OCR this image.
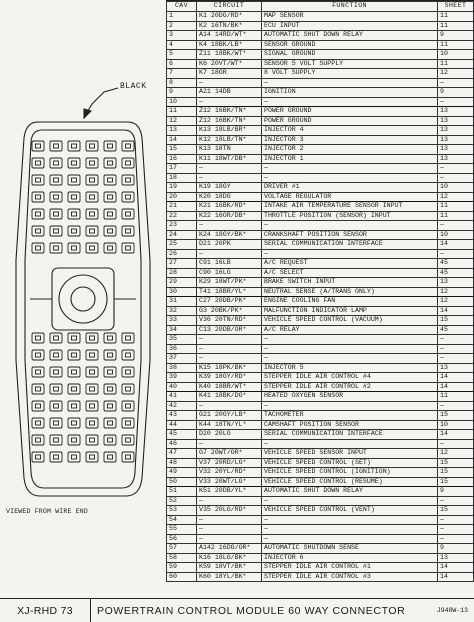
BLACK
VIEWED FROM WIRE END
CAV	CIRCUIT	FUNCTION	SHEET
1	K1 20DG/RD*	MAP SENSOR	11
2	K2 16TN/BK*	ECU INPUT	11
3	A14 14RD/WT*	AUTOMATIC SHUT DOWN RELAY	9
4	K4 18BK/LB*	SENSOR GROUND	11
5	Z11 18BK/WT*	SIGNAL GROUND	10
6	K6 20VT/WT*	SENSOR 5 VOLT SUPPLY	11
7	K7 18OR	8 VOLT SUPPLY	12
8	—	—	—
9	A21 14DB	IGNITION	9
10	—	—	—
11	Z12 16BK/TN*	POWER GROUND	13
12	Z12 16BK/TN*	POWER GROUND	13
13	K13 18LB/BR*	INJECTOR 4	13
14	K12 18LB/TN*	INJECTOR 3	13
15	K13 18TN	INJECTOR 2	13
16	K11 18WT/DB*	INJECTOR 1	13
17	—	—	—
18	—	—	—
19	K19 18GY	DRIVER #1	10
20	K20 18DG	VOLTAGE REGULATOR	12
21	K21 16BK/RD*	INTAKE AIR TEMPERATURE SENSOR INPUT	11
22	K22 16OR/DB*	THROTTLE POSITION (SENSOR) INPUT	11
23	—	—	—
24	K24 18GY/BK*	CRANKSHAFT POSITION SENSOR	10
25	D21 20PK	SERIAL COMMUNICATION INTERFACE	14
26	—	—	—
27	C91 16LB	A/C REQUEST	45
28	C90 16LG	A/C SELECT	45
29	K29 18WT/PK*	BRAKE SWITCH INPUT	13
30	T41 18BR/YL*	NEUTRAL SENSE (A/TRANS ONLY)	12
31	C27 20DB/PK*	ENGINE COOLING FAN	12
32	G3 20BK/PK*	MALFUNCTION INDICATOR LAMP	14
33	V36 20TN/RD*	VEHICLE SPEED CONTROL (VACUUM)	15
34	C13 20DB/OR*	A/C RELAY	45
35	—	—	—
36	—	—	—
37	—	—	—
38	K15 18PK/BK*	INJECTOR 5	13
39	K39 18GY/RD*	STEPPER IDLE AIR CONTROL #4	14
40	K40 18BR/WT*	STEPPER IDLE AIR CONTROL #2	14
41	K41 18BK/DG*	HEATED OXYGEN SENSOR	11
42	—	—	—
43	G21 20GY/LB*	TACHOMETER	15
44	K44 18TN/YL*	CAMSHAFT POSITION SENSOR	10
45	D20 20LG	SERIAL COMMUNICATION INTERFACE	14
46	—	—	—
47	G7 20WT/OR*	VEHICLE SPEED SENSOR INPUT	12
48	V37 20RD/LG*	VEHICLE SPEED CONTROL (SET)	15
49	V32 20YL/RD*	VEHICLE SPEED CONTROL (IGNITION)	15
50	V33 20WT/LG*	VEHICLE SPEED CONTROL (RESUME)	15
51	K51 20DB/YL*	AUTOMATIC SHUT DOWN RELAY	9
52	—	—	—
53	V35 20LG/RD*	VEHICLE SPEED CONTROL (VENT)	15
54	—	—	—
55	—	—	—
56	—	—	—
57	A142 16DG/OR*	AUTOMATIC SHUTDOWN SENSE	9
58	K16 18LG/BK*	INJECTOR 6	13
59	K59 18VT/BK*	STEPPER IDLE AIR CONTROL #1	14
60	K60 18YL/BK*	STEPPER IDLE AIR CONTROL #3	14
XJ-RHD 73	POWERTRAIN CONTROL MODULE 60 WAY CONNECTOR	J948W-13
